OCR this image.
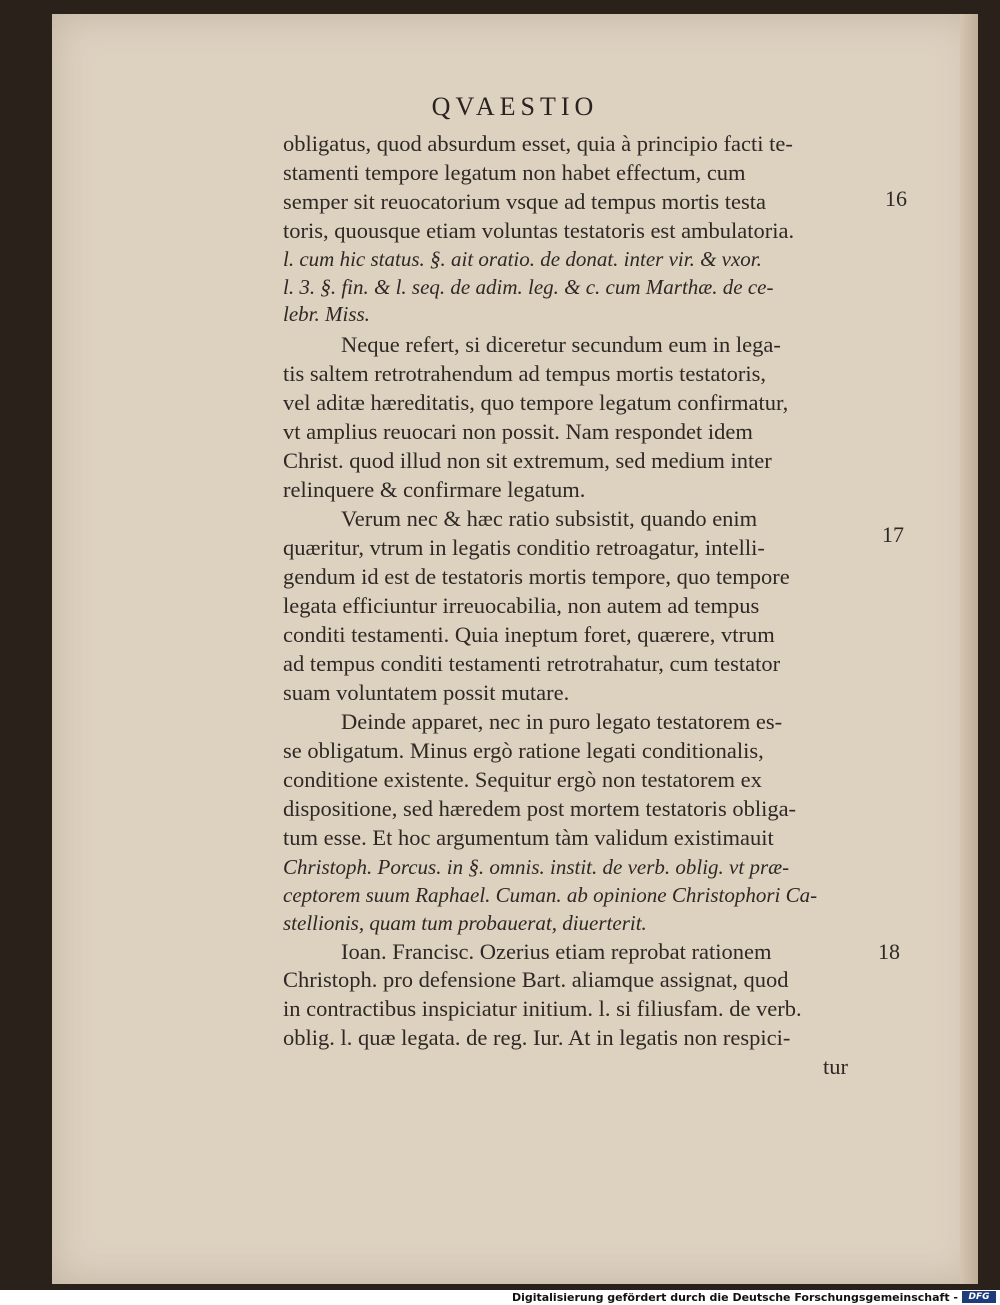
QVAESTIO
obligatus, quod absurdum esset, quia à principio facti te-
stamenti tempore legatum non habet effectum, cum
semper sit reuocatorium vsque ad tempus mortis testa
toris, quousque etiam voluntas testatoris est ambulatoria.
l. cum hic status. §. ait oratio. de donat. inter vir. & vxor.
l. 3. §. fin. & l. seq. de adim. leg. & c. cum Marthæ. de ce-
lebr. Miss.
Neque refert, si diceretur secundum eum in lega-
tis saltem retrotrahendum ad tempus mortis testatoris,
vel aditæ hæreditatis, quo tempore legatum confirmatur,
vt amplius reuocari non possit. Nam respondet idem
Christ. quod illud non sit extremum, sed medium inter
relinquere & confirmare legatum.
Verum nec & hæc ratio subsistit, quando enim
quæritur, vtrum in legatis conditio retroagatur, intelli-
gendum id est de testatoris mortis tempore, quo tempore
legata efficiuntur irreuocabilia, non autem ad tempus
conditi testamenti. Quia ineptum foret, quærere, vtrum
ad tempus conditi testamenti retrotrahatur, cum testator
suam voluntatem possit mutare.
Deinde apparet, nec in puro legato testatorem es-
se obligatum. Minus ergò ratione legati conditionalis,
conditione existente. Sequitur ergò non testatorem ex
dispositione, sed hæredem post mortem testatoris obliga-
tum esse. Et hoc argumentum tàm validum existimauit
Christoph. Porcus. in §. omnis. instit. de verb. oblig. vt præ-
ceptorem suum Raphael. Cuman. ab opinione Christophori Ca-
stellionis, quam tum probauerat, diuerterit.
Ioan. Francisc. Ozerius etiam reprobat rationem
Christoph. pro defensione Bart. aliamque assignat, quod
in contractibus inspiciatur initium. l. si filiusfam. de verb.
oblig. l. quæ legata. de reg. Iur. At in legatis non respici-
tur
16
17
18
Digitalisierung gefördert durch die Deutsche Forschungsgemeinschaft -	DFG
